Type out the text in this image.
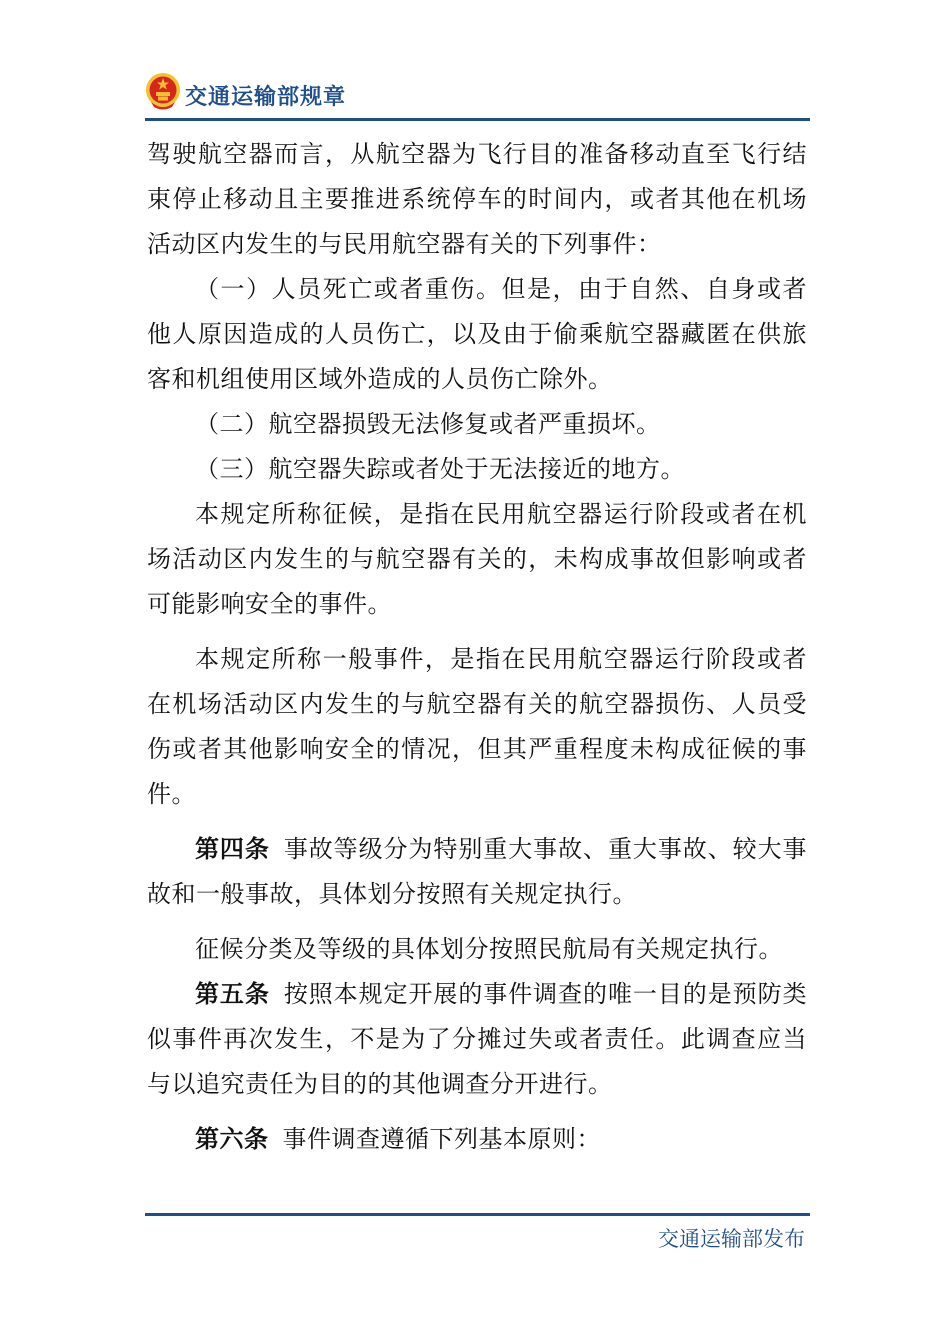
交通运输部规章

驾驶航空器而言，从航空器为飞行目的准备移动直至飞行结束停止移动且主要推进系统停车的时间内，或者其他在机场活动区内发生的与民用航空器有关的下列事件：

（一）人员死亡或者重伤。但是，由于自然、自身或者他人原因造成的人员伤亡，以及由于偷乘航空器藏匿在供旅客和机组使用区域外造成的人员伤亡除外。

（二）航空器损毁无法修复或者严重损坏。

（三）航空器失踪或者处于无法接近的地方。

本规定所称征候，是指在民用航空器运行阶段或者在机场活动区内发生的与航空器有关的，未构成事故但影响或者可能影响安全的事件。

本规定所称一般事件，是指在民用航空器运行阶段或者在机场活动区内发生的与航空器有关的航空器损伤、人员受伤或者其他影响安全的情况，但其严重程度未构成征候的事件。

第四条 事故等级分为特别重大事故、重大事故、较大事故和一般事故，具体划分按照有关规定执行。

征候分类及等级的具体划分按照民航局有关规定执行。

第五条 按照本规定开展的事件调查的唯一目的是预防类似事件再次发生，不是为了分摊过失或者责任。此调查应当与以追究责任为目的的其他调查分开进行。

第六条 事件调查遵循下列基本原则：

交通运输部发布
